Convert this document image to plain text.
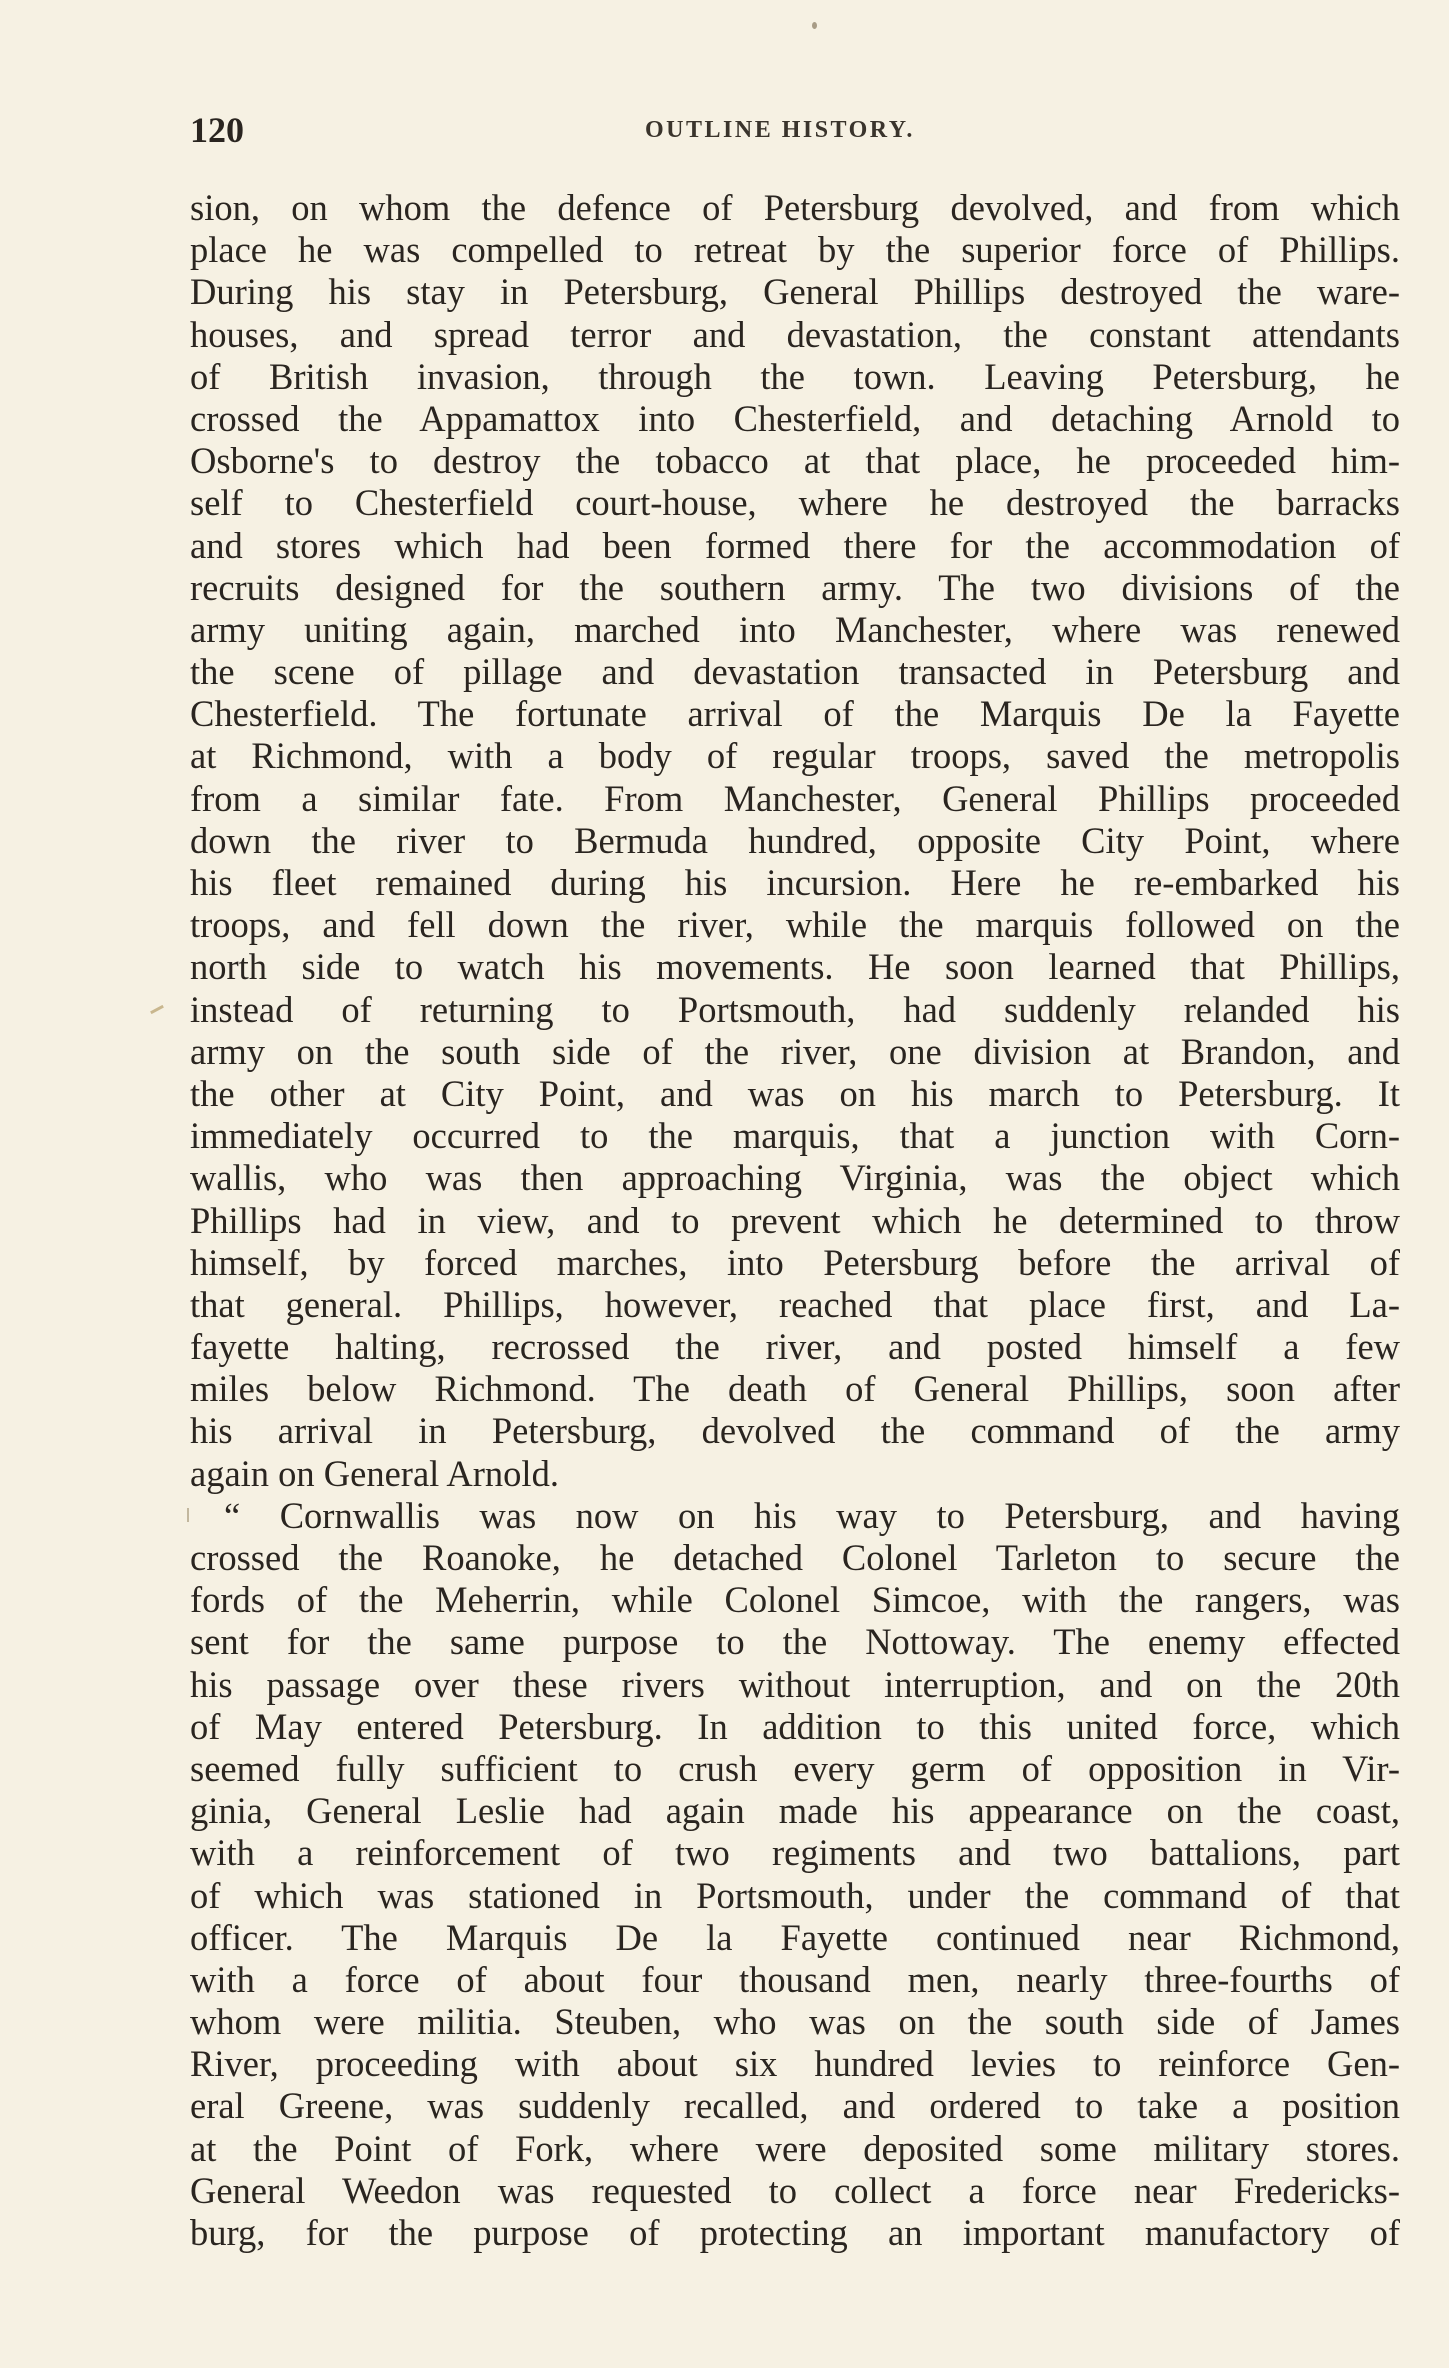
120	OUTLINE HISTORY.
sion, on whom the defence of Petersburg devolved, and from which
place he was compelled to retreat by the superior force of Phillips.
During his stay in Petersburg, General Phillips destroyed the ware-
houses, and spread terror and devastation, the constant attendants
of British invasion, through the town. Leaving Petersburg, he
crossed the Appamattox into Chesterfield, and detaching Arnold to
Osborne's to destroy the tobacco at that place, he proceeded him-
self to Chesterfield court-house, where he destroyed the barracks
and stores which had been formed there for the accommodation of
recruits designed for the southern army. The two divisions of the
army uniting again, marched into Manchester, where was renewed
the scene of pillage and devastation transacted in Petersburg and
Chesterfield. The fortunate arrival of the Marquis De la Fayette
at Richmond, with a body of regular troops, saved the metropolis
from a similar fate. From Manchester, General Phillips proceeded
down the river to Bermuda hundred, opposite City Point, where
his fleet remained during his incursion. Here he re-embarked his
troops, and fell down the river, while the marquis followed on the
north side to watch his movements. He soon learned that Phillips,
instead of returning to Portsmouth, had suddenly relanded his
army on the south side of the river, one division at Brandon, and
the other at City Point, and was on his march to Petersburg. It
immediately occurred to the marquis, that a junction with Corn-
wallis, who was then approaching Virginia, was the object which
Phillips had in view, and to prevent which he determined to throw
himself, by forced marches, into Petersburg before the arrival of
that general. Phillips, however, reached that place first, and La-
fayette halting, recrossed the river, and posted himself a few
miles below Richmond. The death of General Phillips, soon after
his arrival in Petersburg, devolved the command of the army
again on General Arnold.
“ Cornwallis was now on his way to Petersburg, and having
crossed the Roanoke, he detached Colonel Tarleton to secure the
fords of the Meherrin, while Colonel Simcoe, with the rangers, was
sent for the same purpose to the Nottoway. The enemy effected
his passage over these rivers without interruption, and on the 20th
of May entered Petersburg. In addition to this united force, which
seemed fully sufficient to crush every germ of opposition in Vir-
ginia, General Leslie had again made his appearance on the coast,
with a reinforcement of two regiments and two battalions, part
of which was stationed in Portsmouth, under the command of that
officer. The Marquis De la Fayette continued near Richmond,
with a force of about four thousand men, nearly three-fourths of
whom were militia. Steuben, who was on the south side of James
River, proceeding with about six hundred levies to reinforce Gen-
eral Greene, was suddenly recalled, and ordered to take a position
at the Point of Fork, where were deposited some military stores.
General Weedon was requested to collect a force near Fredericks-
burg, for the purpose of protecting an important manufactory of
